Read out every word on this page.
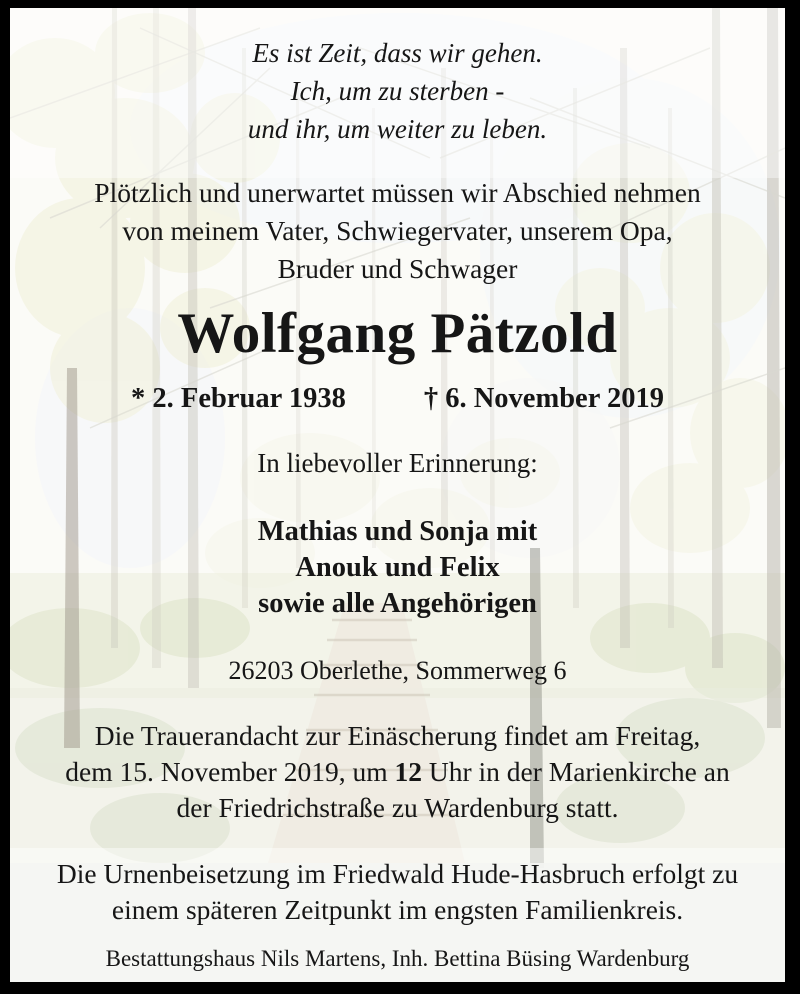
Es ist Zeit, dass wir gehen.
Ich, um zu sterben -
und ihr, um weiter zu leben.
Plötzlich und unerwartet müssen wir Abschied nehmen
von meinem Vater, Schwiegervater, unserem Opa,
Bruder und Schwager
Wolfgang Pätzold
* 2. Februar 1938	† 6. November 2019
In liebevoller Erinnerung:
Mathias und Sonja mit
Anouk und Felix
sowie alle Angehörigen
26203 Oberlethe, Sommerweg 6
Die Trauerandacht zur Einäscherung findet am Freitag,
dem 15. November 2019, um 12 Uhr in der Marienkirche an
der Friedrichstraße zu Wardenburg statt.
Die Urnenbeisetzung im Friedwald Hude-Hasbruch erfolgt zu
einem späteren Zeitpunkt im engsten Familienkreis.
Bestattungshaus Nils Martens, Inh. Bettina Büsing Wardenburg
